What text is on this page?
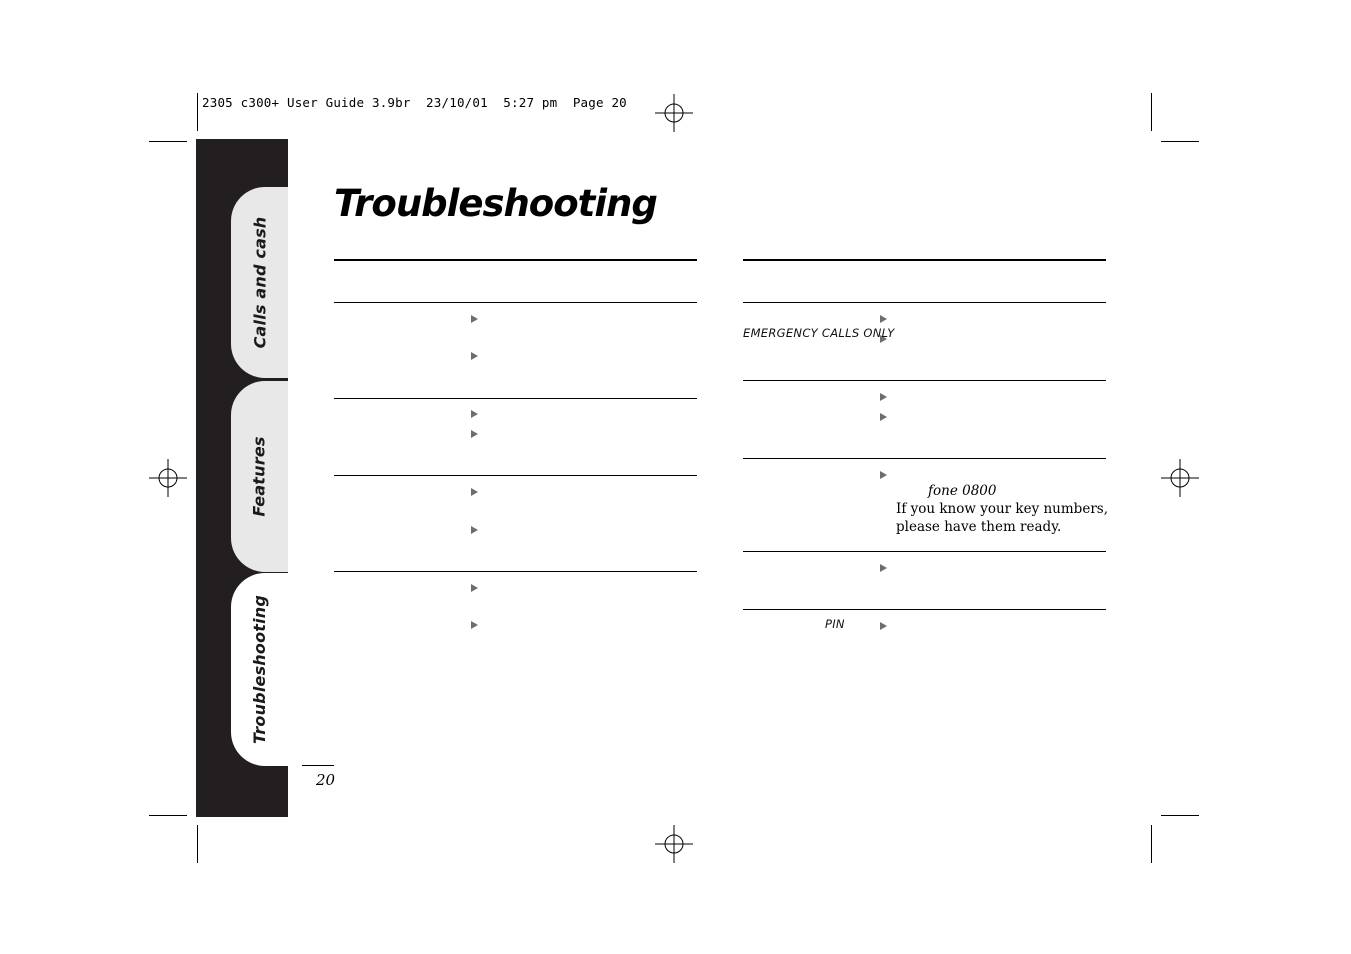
2305 c300+ User Guide 3.9br  23/10/01  5:27 pm  Page 20
Calls and cash
Features
Troubleshooting
Troubleshooting
EMERGENCY CALLS ONLY
fone 0800
If you know your key numbers,
please have them ready.
PIN
20
